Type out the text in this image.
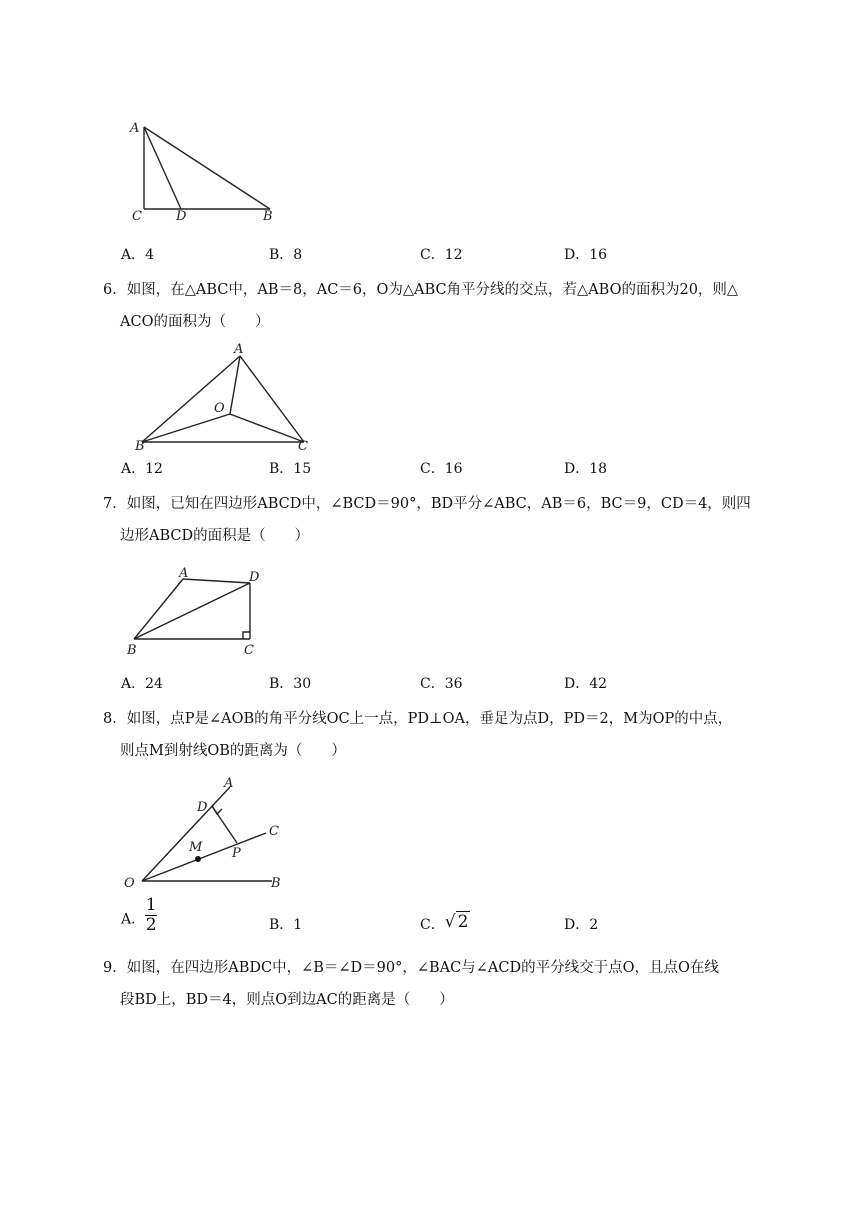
A
C	D	B
A．4	B．8	C．12	D．16
6．如图，在△ABC中，AB＝8，AC＝6，O为△ABC角平分线的交点，若△ABO的面积为20，则△
ACO的面积为（　　）
A
O
B	C
A．12	B．15	C．16	D．18
7．如图，已知在四边形ABCD中，∠BCD＝90°，BD平分∠ABC，AB＝6，BC＝9，CD＝4，则四
边形ABCD的面积是（　　）
A	D
B	C
A．24	B．30	C．36	D．42
8．如图，点P是∠AOB的角平分线OC上一点，PD⊥OA，垂足为点D，PD＝2，M为OP的中点，
则点M到射线OB的距离为（　　）
A
D
C
M P
O	B
A． $\frac{1}{2}$	B．1	C．√ 2	D．2
9．如图，在四边形ABDC中，∠B＝∠D＝90°，∠BAC与∠ACD的平分线交于点O，且点O在线
段BD上，BD＝4，则点O到边AC的距离是（　　）
